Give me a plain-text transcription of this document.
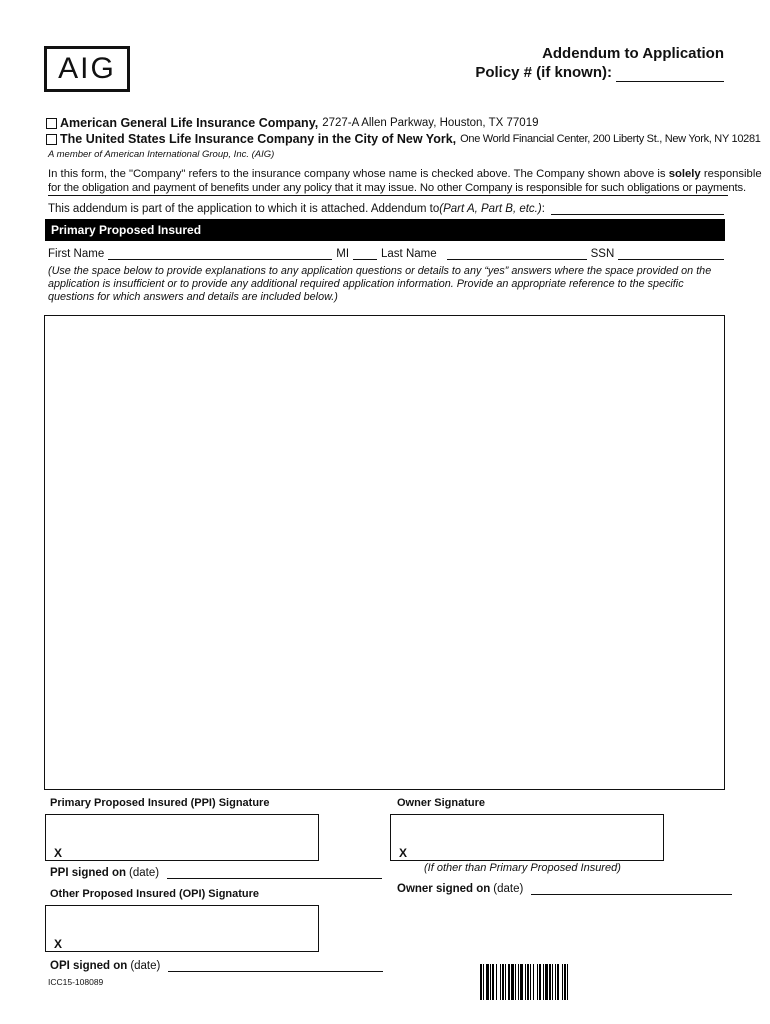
AIG	Addendum to Application
Policy # (if known):
American General Life Insurance Company, 2727-A Allen Parkway, Houston, TX 77019
The United States Life Insurance Company in the City of New York, One World Financial Center, 200 Liberty St., New York, NY 10281
A member of American International Group, Inc. (AIG)
In this form, the "Company" refers to the insurance company whose name is checked above. The Company shown above is solely responsible
for the obligation and payment of benefits under any policy that it may issue. No other Company is responsible for such obligations or payments.
This addendum is part of the application to which it is attached. Addendum to (Part A, Part B, etc.) :
Primary Proposed Insured
First Name	MI	Last Name	SSN
(Use the space below to provide explanations to any application questions or details to any “yes” answers where the space provided on the application is insufficient or to provide any additional required application information. Provide an appropriate reference to the specific questions for which answers and details are included below.)
Primary Proposed Insured (PPI) Signature
X
PPI signed on (date)
Owner Signature
X
(If other than Primary Proposed Insured)
Owner signed on (date)
Other Proposed Insured (OPI) Signature
X
OPI signed on (date)
ICC15-108089
